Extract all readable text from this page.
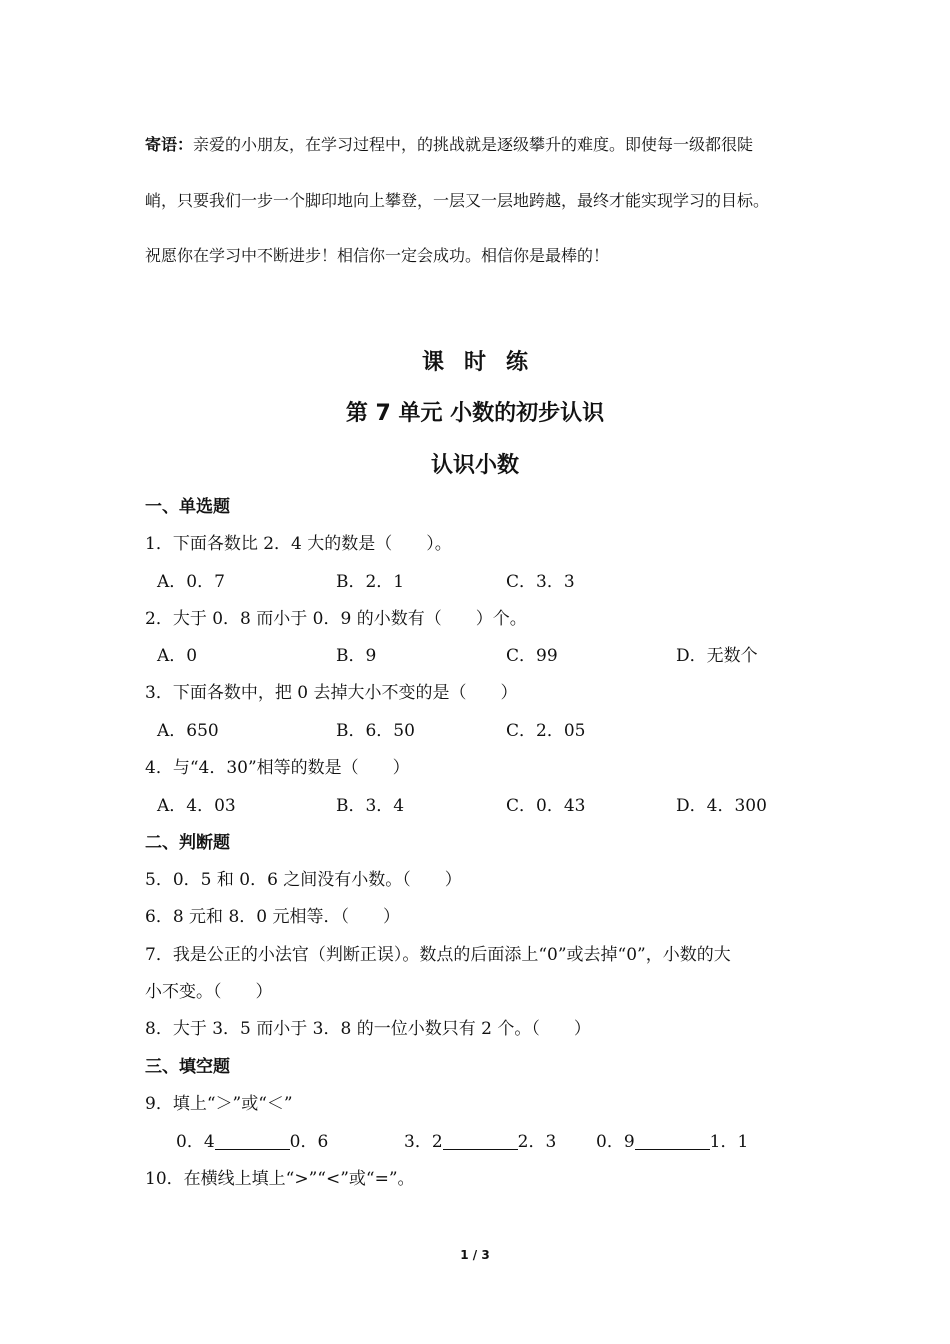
寄语：亲爱的小朋友，在学习过程中，的挑战就是逐级攀升的难度。即使每一级都很陡
峭，只要我们一步一个脚印地向上攀登，一层又一层地跨越，最终才能实现学习的目标。
祝愿你在学习中不断进步！相信你一定会成功。相信你是最棒的！
课时练
第 7 单元 小数的初步认识
认识小数
一、单选题
1．下面各数比 2．4 大的数是（　　）。
A．0．7	B．2．1	C．3．3
2．大于 0．8 而小于 0．9 的小数有（　　）个。
A．0	B．9	C．99	D．无数个
3．下面各数中，把 0 去掉大小不变的是（　　）
A．650	B．6．50	C．2．05
4．与“4．30”相等的数是（　　）
A．4．03	B．3．4	C．0．43	D．4．300
二、判断题
5．0．5 和 0．6 之间没有小数。（　　）
6．8 元和 8．0 元相等．（　　）
7．我是公正的小法官（判断正误）。数点的后面添上“0”或去掉“0”，小数的大
小不变。（　　）
8．大于 3．5 而小于 3．8 的一位小数只有 2 个。（　　）
三、填空题
9．填上“＞”或“＜”
0．4	0．6	3．2	2．3 0．9	1．1
10．在横线上填上“>”“<”或“=”。
1 / 3
